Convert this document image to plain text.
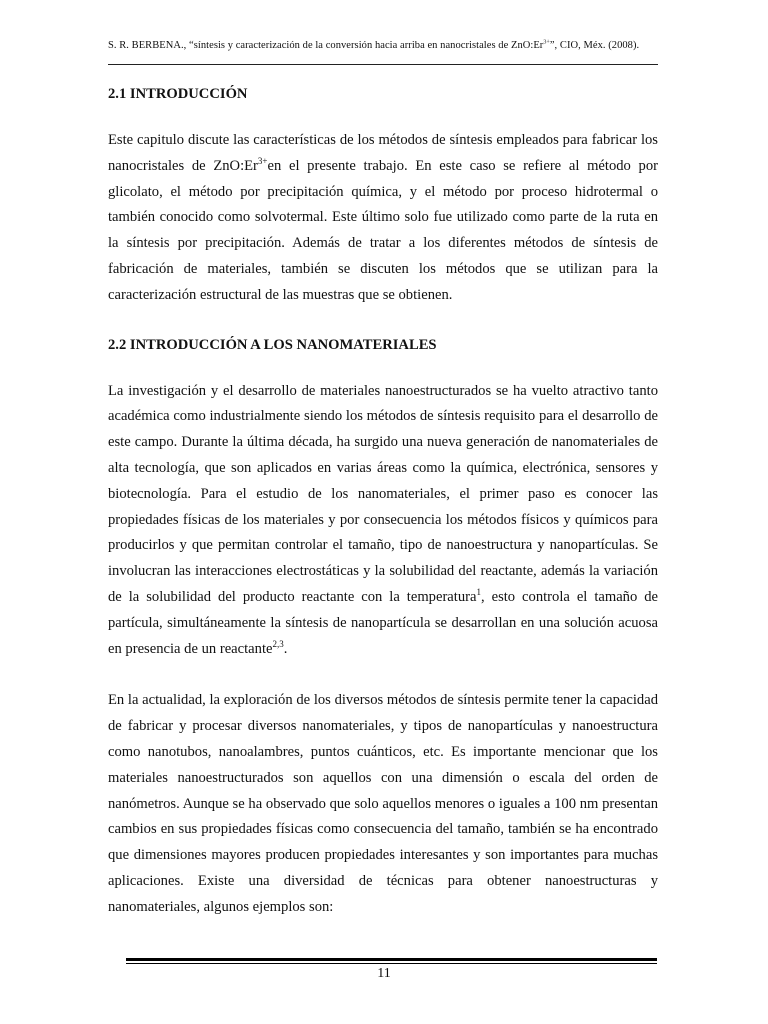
S. R. BERBENA., “síntesis y caracterización de la conversión hacia arriba en nanocristales de $ZnO:Er^{3+}$”, CIO, Méx. (2008).
2.1 INTRODUCCIÓN

Este capitulo discute las características de los métodos de síntesis empleados para fabricar los nanocristales de $ZnO:Er^{3+}en$ el presente trabajo. En este caso se refiere al método por glicolato, el método por precipitación química, y el método por proceso hidrotermal o también conocido como solvotermal. Este último solo fue utilizado como parte de la ruta en la síntesis por precipitación. Además de tratar a los diferentes métodos de síntesis de fabricación de materiales, también se discuten los métodos que se utilizan para la caracterización estructural de las muestras que se obtienen.

2.2 INTRODUCCIÓN A LOS NANOMATERIALES

La investigación y el desarrollo de materiales nanoestructurados se ha vuelto atractivo tanto académica como industrialmente siendo los métodos de síntesis requisito para el desarrollo de este campo. Durante la última década, ha surgido una nueva generación de nanomateriales de alta tecnología, que son aplicados en varias áreas como la química, electrónica, sensores y biotecnología. Para el estudio de los nanomateriales, el primer paso es conocer las propiedades físicas de los materiales y por consecuencia los métodos físicos y químicos para producirlos y que permitan controlar el tamaño, tipo de nanoestructura y nanopartículas. Se involucran las interacciones electrostáticas y la solubilidad del reactante, además la variación de la solubilidad del producto reactante con la temperatura$^1$, esto controla el tamaño de partícula, simultáneamente la síntesis de nanopartícula se desarrollan en una solución acuosa en presencia de un reactante$^{2,3}$.

En la actualidad, la exploración de los diversos métodos de síntesis permite tener la capacidad de fabricar y procesar diversos nanomateriales, y tipos de nanopartículas y nanoestructura como nanotubos, nanoalambres, puntos cuánticos, etc. Es importante mencionar que los materiales nanoestructurados son aquellos con una dimensión o escala del orden de nanómetros. Aunque se ha observado que solo aquellos menores o iguales a 100 nm presentan cambios en sus propiedades físicas como consecuencia del tamaño, también se ha encontrado que dimensiones mayores producen propiedades interesantes y son importantes para muchas aplicaciones. Existe una diversidad de técnicas para obtener nanoestructuras y nanomateriales, algunos ejemplos son:

11
